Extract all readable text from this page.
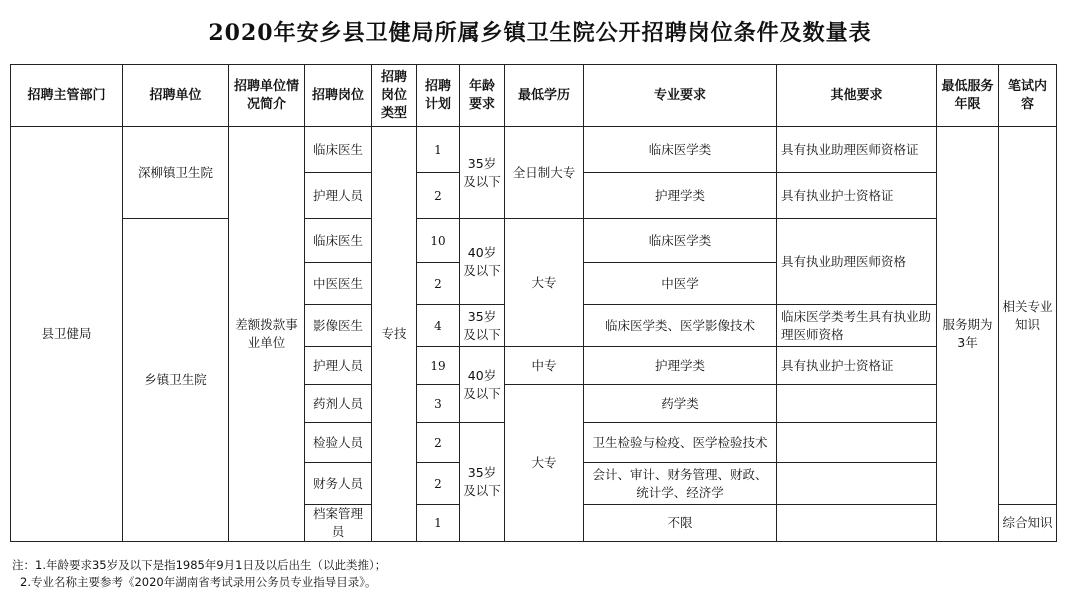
2020年安乡县卫健局所属乡镇卫生院公开招聘岗位条件及数量表
招聘主管部门	招聘单位	招聘单位情况简介	招聘岗位	招聘岗位类型	招聘计划	年龄要求	最低学历	专业要求	其他要求	最低服务年限	笔试内容
县卫健局	深柳镇卫生院	差额拨款事业单位	临床医生	专技	1	35岁及以下	全日制大专	临床医学类	具有执业助理医师资格证	服务期为3年	相关专业知识
			护理人员		2			护理学类	具有执业护士资格证		
	乡镇卫生院		临床医生		10	40岁及以下	大专	临床医学类	具有执业助理医师资格		
			中医医生		2			中医学			
			影像医生		4	35岁及以下		临床医学类、医学影像技术	临床医学类考生具有执业助理医师资格		
			护理人员		19	40岁及以下	中专	护理学类	具有执业护士资格证		
			药剂人员		3		大专	药学类			
			检验人员		2	35岁及以下		卫生检验与检疫、医学检验技术			
			财务人员		2			会计、审计、财务管理、财政、统计学、经济学			
			档案管理员		1			不限			综合知识
注：1.年龄要求35岁及以下是指1985年9月1日及以后出生（以此类推）；
2.专业名称主要参考《2020年湖南省考试录用公务员专业指导目录》。
